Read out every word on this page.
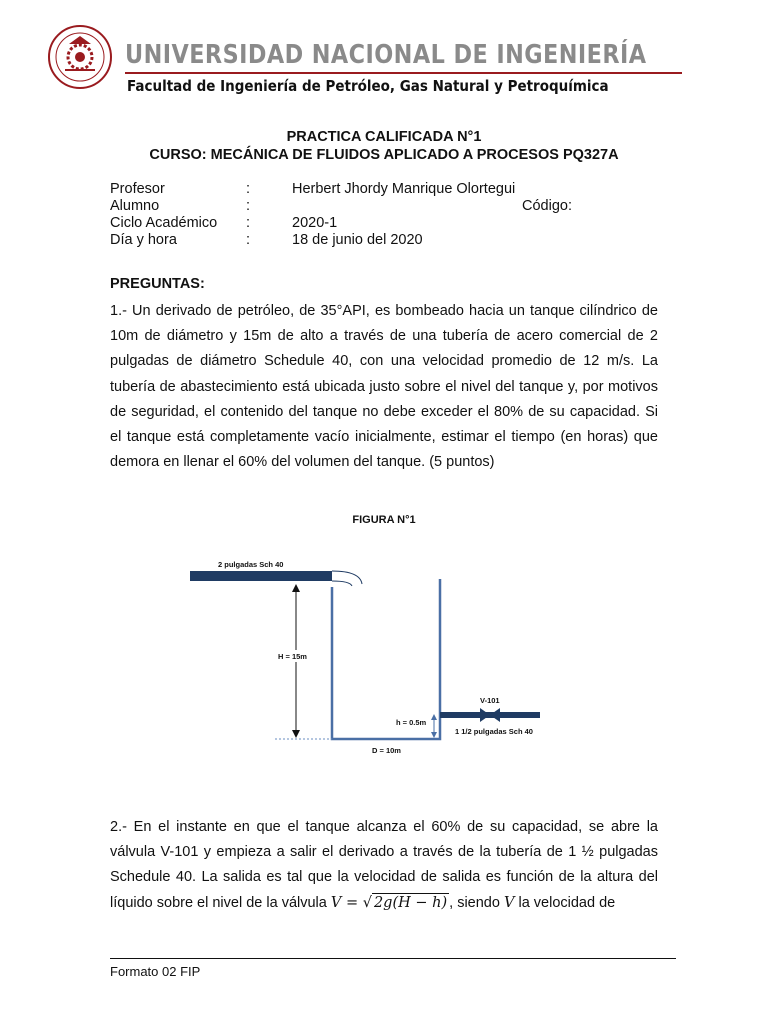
UNIVERSIDAD NACIONAL DE INGENIERÍA
Facultad de Ingeniería de Petróleo, Gas Natural y Petroquímica
PRACTICA CALIFICADA N°1
CURSO: MECÁNICA DE FLUIDOS APLICADO A PROCESOS PQ327A
Profesor	:	Herbert Jhordy Manrique Olortegui
Alumno	:	Código:
Ciclo Académico :	2020-1
Día y hora	:	18 de junio del 2020
PREGUNTAS:
1.- Un derivado de petróleo, de 35°API, es bombeado hacia un tanque cilíndrico de 10m de diámetro y 15m de alto a través de una tubería de acero comercial de 2 pulgadas de diámetro Schedule 40, con una velocidad promedio de 12 m/s. La tubería de abastecimiento está ubicada justo sobre el nivel del tanque y, por motivos de seguridad, el contenido del tanque no debe exceder el 80% de su capacidad. Si el tanque está completamente vacío inicialmente, estimar el tiempo (en horas) que demora en llenar el 60% del volumen del tanque. (5 puntos)
FIGURA N°1
2 pulgadas Sch 40
H = 15m
V-101
1 1/2 pulgadas Sch 40
h = 0.5m
D = 10m
2.- En el instante en que el tanque alcanza el 60% de su capacidad, se abre la válvula V-101 y empieza a salir el derivado a través de la tubería de 1 ½ pulgadas Schedule 40. La salida es tal que la velocidad de salida es función de la altura del líquido sobre el nivel de la válvula V = √ 2g(H − h) , siendo V la velocidad de
Formato 02 FIP
